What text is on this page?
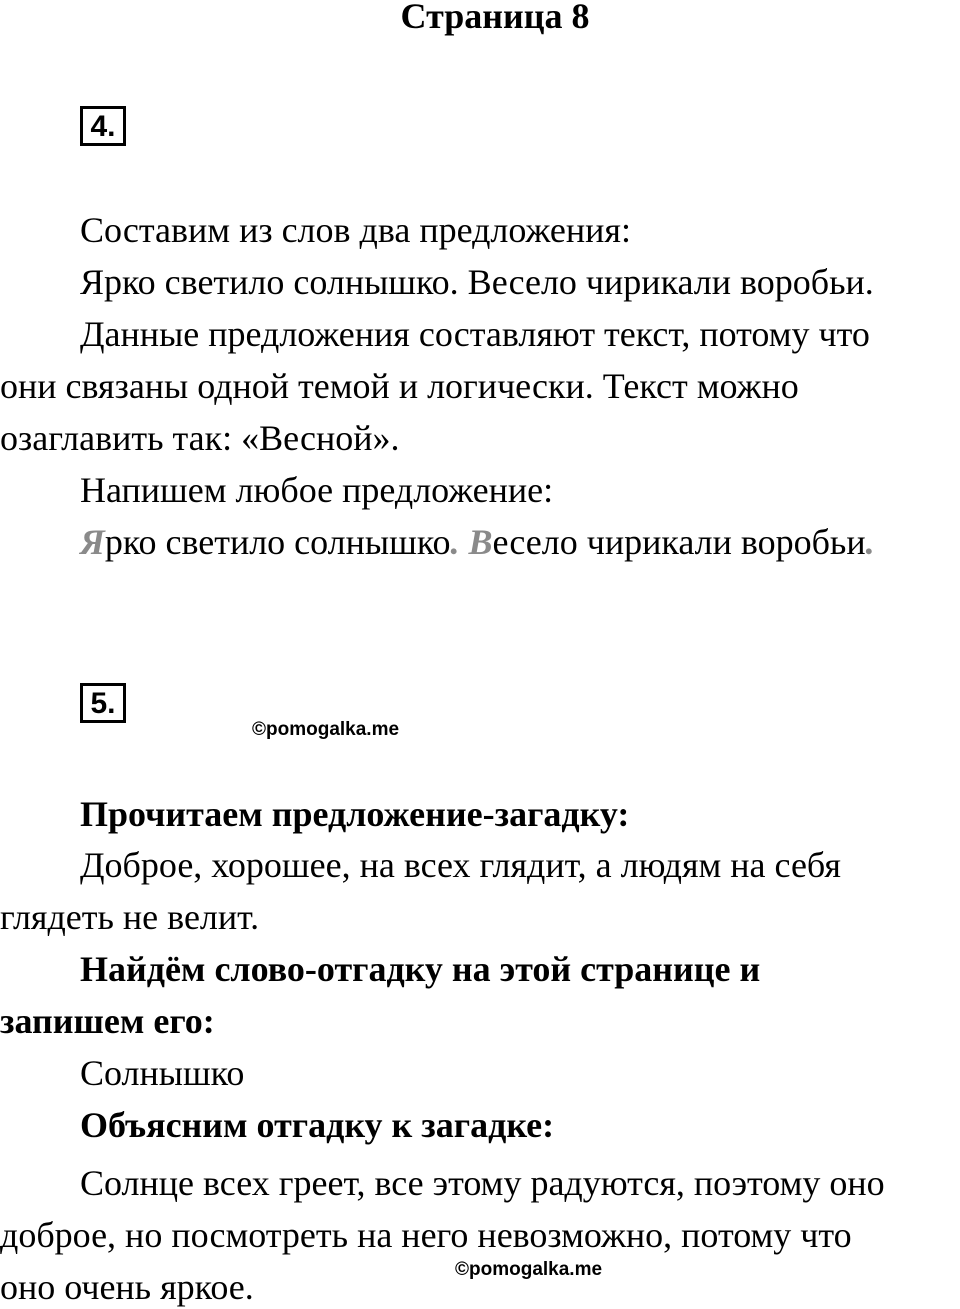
Страница 8
4.
Составим из слов два предложения:
Ярко светило солнышко. Весело чирикали воробьи.
Данные предложения составляют текст, потому что
они связаны одной темой и логически. Текст можно
озаглавить так: «Весной».
Напишем любое предложение:
Ярко светило солнышко. Весело чирикали воробьи.
5.
©pomogalka.me
Прочитаем предложение-загадку:
Доброе, хорошее, на всех глядит, а людям на себя
глядеть не велит.
Найдём слово-отгадку на этой странице и
запишем его:
Солнышко
Объясним отгадку к загадке:
Солнце всех греет, все этому радуются, поэтому оно
доброе, но посмотреть на него невозможно, потому что
оно очень яркое.	©pomogalka.me
